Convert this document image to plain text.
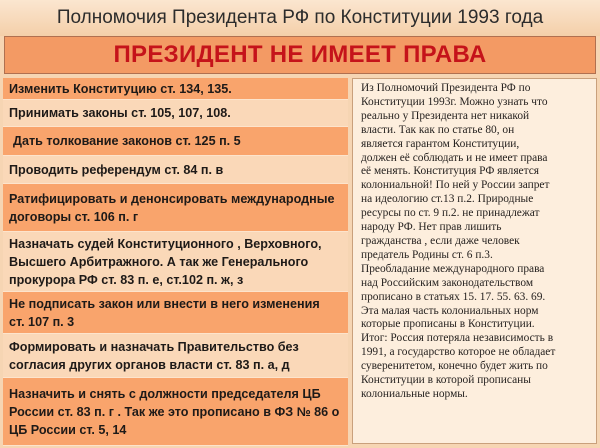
Полномочия Президента РФ по Конституции 1993 года
ПРЕЗИДЕНТ НЕ ИМЕЕТ ПРАВА
Изменить Конституцию ст. 134, 135.
Принимать законы ст. 105, 107, 108.
Дать толкование законов ст. 125 п. 5
Проводить референдум ст. 84 п. в
Ратифицировать и денонсировать международные
договоры ст. 106 п. г
Назначать судей Конституционного , Верховного,
Высшего Арбитражного. А так же Генерального
прокурора РФ ст. 83 п. е, ст.102 п. ж, з
Не подписать закон или внести в него изменения
ст. 107 п. 3
Формировать и назначать Правительство без
согласия других органов власти ст. 83 п. а, д
Назначить и снять с должности председателя ЦБ
России ст. 83 п. г . Так же это прописано в ФЗ № 86 о
ЦБ России ст. 5, 14
Из Полномочий Президента РФ по
Конституции 1993г. Можно узнать что
реально у Президента нет никакой
власти. Так как по статье 80, он
является гарантом Конституции,
должен её соблюдать и не имеет права
её менять. Конституция РФ является
колониальной! По ней у России запрет
на идеологию ст.13 п.2. Природные
ресурсы по ст. 9 п.2. не принадлежат
народу РФ. Нет прав лишить
гражданства , если даже человек
предатель Родины ст. 6 п.3.
Преобладание международного права
над Российским законодательством
прописано в статьях 15. 17. 55. 63. 69.
Эта малая часть колониальных норм
которые прописаны в Конституции.
Итог: Россия потеряла независимость в
1991, а государство которое не обладает
суверенитетом, конечно будет жить по
Конституции в которой прописаны
колониальные нормы.
